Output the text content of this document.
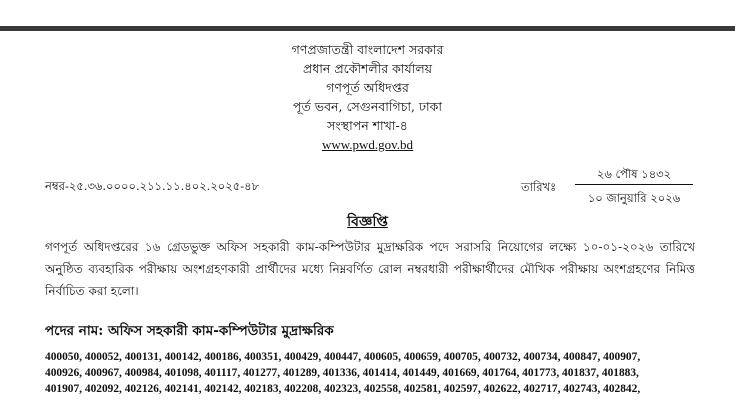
গণপ্রজাতন্ত্রী বাংলাদেশ সরকার
প্রধান প্রকৌশলীর কার্যালয়
গণপূর্ত অধিদপ্তর
পূর্ত ভবন, সেগুনবাগিচা, ঢাকা
সংস্থাপন শাখা-৪
www.pwd.gov.bd
নম্বর-২৫.৩৬.০০০০.২১১.১১.৪০২.২০২৫-৪৮	তারিখঃ
২৬ পৌষ ১৪৩২
১০ জানুয়ারি ২০২৬
বিজ্ঞপ্তি
গণপূর্ত অধিদপ্তরের ১৬ গ্রেডভুক্ত অফিস সহকারী কাম-কম্পিউটার মুদ্রাক্ষরিক পদে সরাসরি নিয়োগের লক্ষ্যে ১০-০১-২০২৬ তারিখে অনুষ্ঠিত ব্যবহারিক পরীক্ষায় অংশগ্রহণকারী প্রার্থীদের মধ্যে নিম্নবর্ণিত রোল নম্বরধারী পরীক্ষার্থীদের মৌখিক পরীক্ষায় অংশগ্রহণের নিমিত্ত নির্বাচিত করা হলো।
পদের নাম: অফিস সহকারী কাম-কম্পিউটার মুদ্রাক্ষরিক
400050, 400052, 400131, 400142, 400186, 400351, 400429, 400447, 400605, 400659, 400705, 400732, 400734, 400847, 400907,
400926, 400967, 400984, 401098, 401117, 401277, 401289, 401336, 401414, 401449, 401669, 401764, 401773, 401837, 401883,
401907, 402092, 402126, 402141, 402142, 402183, 402208, 402323, 402558, 402581, 402597, 402622, 402717, 402743, 402842,
